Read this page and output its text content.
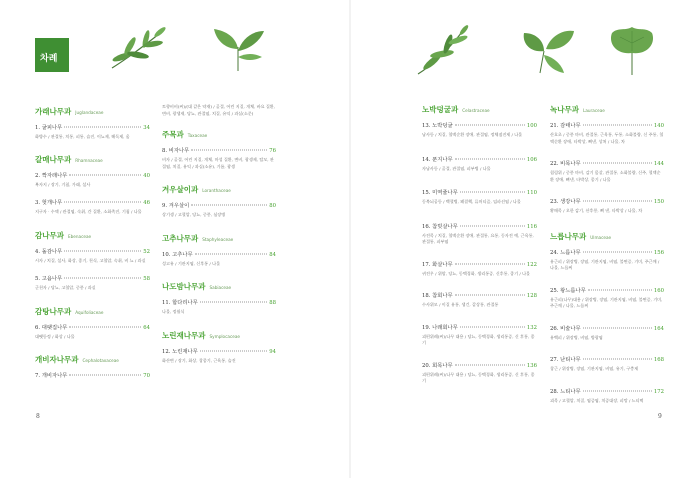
차례
가래나무과 Juglandaceae
1. 굴피나무	34
화방수 / 관절통, 치통, 피통, 습진, 이뇨제, 해독제, 옴
갈매나무과 Rhamnaceae
2. 짝자래나무	40
복자지 / 장기, 기침, 가래, 설사
3. 헛개나무	46
지구자 · 수액 / 관절염, 숙취, 간 질환, 소화촉진, 기침 / 나물
감나무과 Ebenaceae
4. 돌감나무	52
시자 / 치질, 설사, 화상, 종기, 천식, 고혈압, 숙취, 비 뇨 / 과실
5. 고욤나무	58
군천자 / 당뇨, 고혈압, 중풍 / 과실
감탕나무과 Aquifoliaceae
6. 대팻집나무	64
대팻등정 / 화상 / 나물
개비자나무과 Cephalotaxaceae
7. 개비자나무	70
토향비비(씨)/(대 같은 약재) / 골절, 어린 지질, 개체, 바요 질환, 변비, 광생제, 당뇨, 관절염, 치질, 유익 / 과실(소문)
주목과 Taxaceae
8. 비자나무	76
비자 / 골절, 어린 지질, 개체, 마성 질환, 변비, 광생제, 탈모, 관절염, 치질, 유익 / 과실(소유), 기름, 광생
겨우살이과 Loranthaceae
9. 겨우살이	80
상기생 / 고혈압, 당뇨, 중풍, 심장병
고추나무과 Staphyleaceae
10. 고추나무	84
성고유 / 기관지염, 신후통 / 나물
나도밤나무과 Sabiaceae
11. 합다리나무	88
나물, 정월식
노린재나무과 Symplocaceae
12. 노린재나무	94
화산변 / 장기, 화상, 창종기, 근육통, 습진
노박덩굴과 Celastraceae
13. 노박덩굴	100
남사등 / 치질, 혈액순환 장애, 관절염, 정체점진제 / 나물
14. 푼지나무	106
자남사등 / 골절, 관절염, 피부병 / 나물
15. 미역줄나무	110
동북뇌공등 / 백혈병, 폐결핵, 류머티즘, 임파선염 / 나물
16. 참빗살나무	116
사전목 / 치질, 혈액순환 장애, 관절통, 요통, 동자전 예, 근육통, 관절통, 피부염
17. 화살나무	122
귀전우 / 위암, 당뇨, 동맥경화, 생리통증, 신후통, 종기 / 나물
18. 참회나무	128
수사위모 / 이질 유통, 생긴, 갑상통, 관절통
19. 나래회나무	132
괴편위레(씨)/나무 대용 / 당뇨, 동맥경화, 생리통증, 신 후통, 종기
20. 회목나무	136
괴편위레(씨)/나무 대용 / 당뇨, 동맥경화, 생리통증, 신 후통, 종기
녹나무과 Lauraceae
21. 감태나무	140
산호초 / 중풍 마비, 관절통, 근육통, 두통, 소화불량, 신 주통, 혈액순환 장애, 타박상, 뼈낸, 상처 / 나물, 차
22. 비목나무	144
첩림위 / 중풍 마비, 감기 몸살, 관절통, 소화불량, 신주, 혈액순환 장애, 뼈낸, 타박상, 종기 / 나물
23. 생강나무	150
황매목 / 오한 감기, 산후풍, 뼈 낸, 타박상 / 나물, 차
느릅나무과 Ulmaceae
24. 느릅나무	156
유근피 / 위장병, 장염, 기관지염, 비염, 불면증, 기미, 주근깨 / 나물, 느릅찌
25. 왕느릅나무	160
유근피(나무)대용 / 위장병, 장염, 기관지염, 비염, 불면증, 기미, 주근깨 / 나물, 느릅찌
26. 비술나무	164
유백피 / 위장병, 비염, 방광염
27. 난티나무	168
창근 / 위장병, 장염, 기관지염, 비염, 유기, 구충제
28. 느티나무	172
괴목 / 고혈압, 치질, 염증염, 치증대장, 피망 / 느티떡
8	9
